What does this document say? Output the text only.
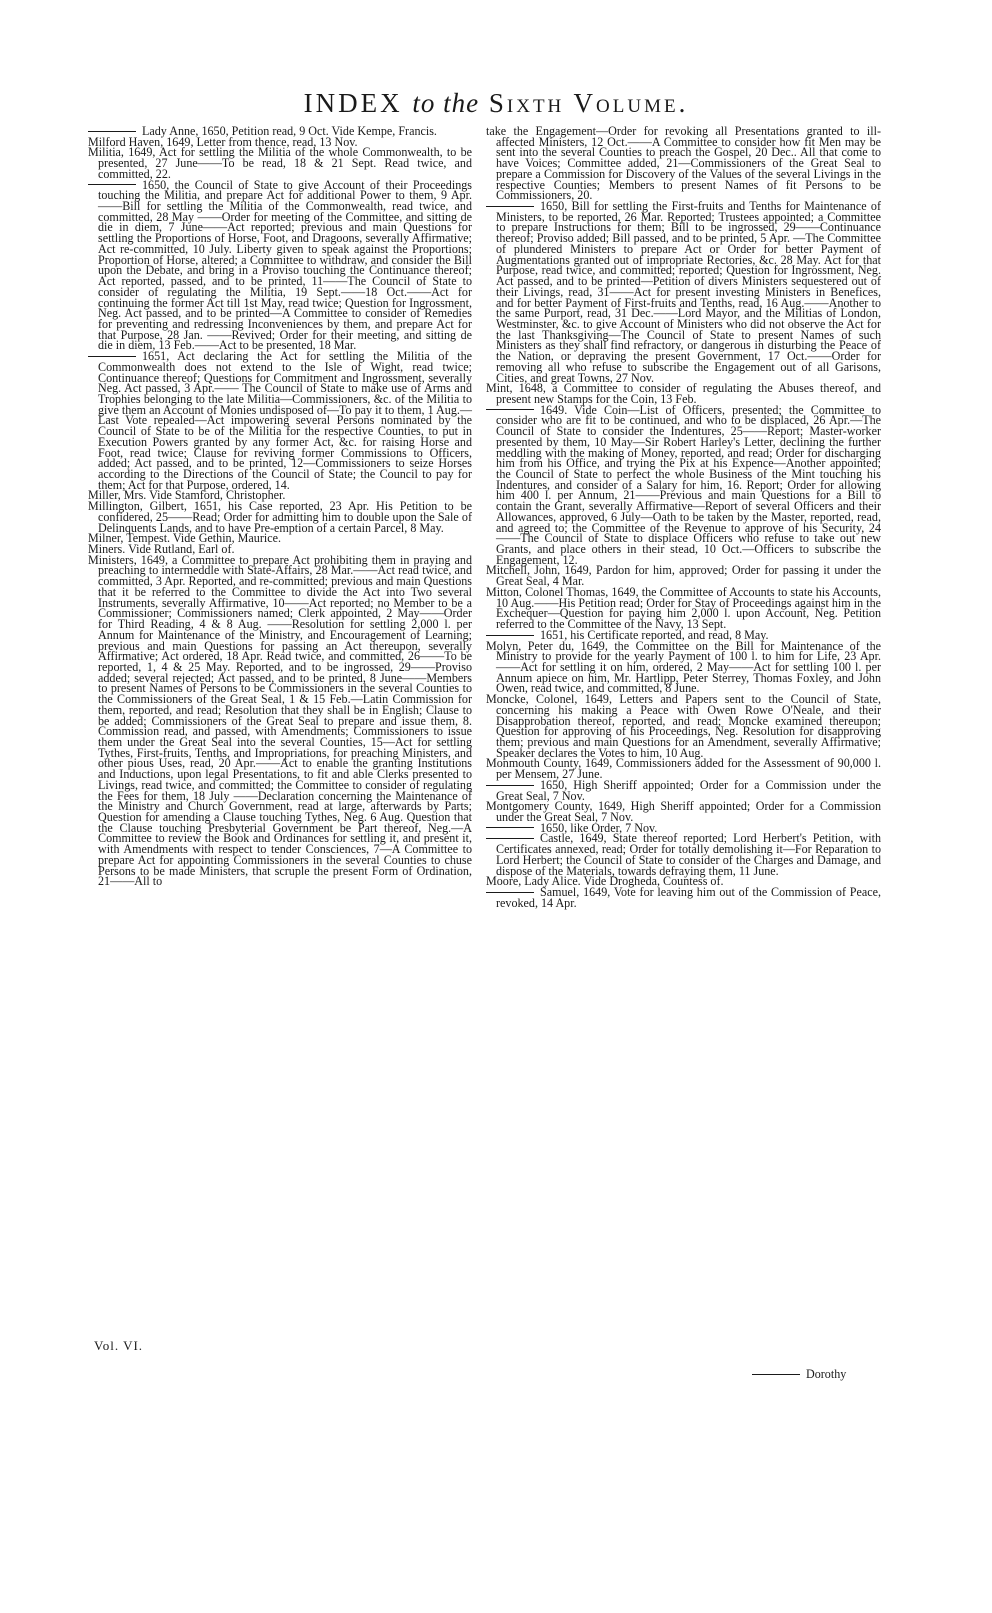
INDEX to the Sixth Volume.

Lady Anne, 1650, Petition read, 9 Oct. Vide Kempe, Francis.

Milford Haven, 1649, Letter from thence, read, 13 Nov.

Militia, 1649, Act for settling the Militia of the whole Commonwealth, to be presented, 27 June——To be read, 18 & 21 Sept. Read twice, and committed, 22.

1650, the Council of State to give Account of their Proceedings touching the Militia, and prepare Act for additional Power to them, 9 Apr.——Bill for settling the Militia of the Commonwealth, read twice, and committed, 28 May ——Order for meeting of the Committee, and sitting de die in diem, 7 June——Act reported; previous and main Questions for settling the Proportions of Horse, Foot, and Dragoons, severally Affirmative; Act re-committed, 10 July. Liberty given to speak against the Proportions; Proportion of Horse, altered; a Committee to withdraw, and consider the Bill upon the Debate, and bring in a Proviso touching the Continuance thereof; Act reported, passed, and to be printed, 11——The Council of State to consider of regulating the Militia, 19 Sept.——18 Oct.——Act for continuing the former Act till 1st May, read twice; Question for Ingrossment, Neg. Act passed, and to be printed—A Committee to consider of Remedies for preventing and redressing Inconveniences by them, and prepare Act for that Purpose, 28 Jan. ——Revived; Order for their meeting, and sitting de die in diem, 13 Feb.——Act to be presented, 18 Mar.

1651, Act declaring the Act for settling the Militia of the Commonwealth does not extend to the Isle of Wight, read twice; Continuance thereof; Questions for Commitment and Ingrossment, severally Neg. Act passed, 3 Apr.—— The Council of State to make use of Arms and Trophies belonging to the late Militia—Commissioners, &c. of the Militia to give them an Account of Monies undisposed of—To pay it to them, 1 Aug.—Last Vote repealed—Act impowering several Persons nominated by the Council of State to be of the Militia for the respective Counties, to put in Execution Powers granted by any former Act, &c. for raising Horse and Foot, read twice; Clause for reviving former Commissions to Officers, added; Act passed, and to be printed, 12—Commissioners to seize Horses according to the Directions of the Council of State; the Council to pay for them; Act for that Purpose, ordered, 14.

Miller, Mrs. Vide Stamford, Christopher.

Millington, Gilbert, 1651, his Case reported, 23 Apr. His Petition to be confidered, 25——Read; Order for admitting him to double upon the Sale of Delinquents Lands, and to have Pre-emption of a certain Parcel, 8 May.

Milner, Tempest. Vide Gethin, Maurice.

Miners. Vide Rutland, Earl of.

Ministers, 1649, a Committee to prepare Act prohibiting them in praying and preaching to intermeddle with State-Affairs, 28 Mar.——Act read twice, and committed, 3 Apr. Reported, and re-committed; previous and main Questions that it be referred to the Committee to divide the Act into Two several Instruments, severally Affirmative, 10——Act reported; no Member to be a Commissioner; Commissioners named; Clerk appointed, 2 May——Order for Third Reading, 4 & 8 Aug. ——Resolution for settling 2,000 l. per Annum for Maintenance of the Ministry, and Encouragement of Learning; previous and main Questions for passing an Act thereupon, severally Affirmative; Act ordered, 18 Apr. Read twice, and committed, 26——To be reported, 1, 4 & 25 May. Reported, and to be ingrossed, 29——Proviso added; several rejected; Act passed, and to be printed, 8 June——Members to present Names of Persons to be Commissioners in the several Counties to the Commissioners of the Great Seal, 1 & 15 Feb.—Latin Commission for them, reported, and read; Resolution that they shall be in English; Clause to be added; Commissioners of the Great Seal to prepare and issue them, 8. Commission read, and passed, with Amendments; Commissioners to issue them under the Great Seal into the several Counties, 15—Act for settling Tythes, First-fruits, Tenths, and Impropriations, for preaching Ministers, and other pious Uses, read, 20 Apr.——Act to enable the granting Institutions and Inductions, upon legal Presentations, to fit and able Clerks presented to Livings, read twice, and committed; the Committee to consider of regulating the Fees for them, 18 July ——Declaration concerning the Maintenance of the Ministry and Church Government, read at large, afterwards by Parts; Question for amending a Clause touching Tythes, Neg. 6 Aug. Question that the Clause touching Presbyterial Government be Part thereof, Neg.—A Committee to review the Book and Ordinances for settling it, and present it, with Amendments with respect to tender Consciences, 7—A Committee to prepare Act for appointing Commissioners in the several Counties to chuse Persons to be made Ministers, that scruple the present Form of Ordination, 21——All to

take the Engagement—Order for revoking all Presentations granted to ill-affected Ministers, 12 Oct.——A Committee to consider how fit Men may be sent into the several Counties to preach the Gospel, 20 Dec.. All that come to have Voices; Committee added, 21—Commissioners of the Great Seal to prepare a Commission for Discovery of the Values of the several Livings in the respective Counties; Members to present Names of fit Persons to be Commissioners, 20.

1650, Bill for settling the First-fruits and Tenths for Maintenance of Ministers, to be reported, 26 Mar. Reported; Trustees appointed; a Committee to prepare Instructions for them; Bill to be ingrossed, 29——Continuance thereof; Proviso added; Bill passed, and to be printed, 5 Apr. —The Committee of plundered Ministers to prepare Act or Order for better Payment of Augmentations granted out of impropriate Rectories, &c. 28 May. Act for that Purpose, read twice, and committed; reported; Question for Ingrossment, Neg. Act passed, and to be printed—Petition of divers Ministers sequestered out of their Livings, read, 31——Act for present investing Ministers in Benefices, and for better Payment of First-fruits and Tenths, read, 16 Aug.——Another to the same Purport, read, 31 Dec.——Lord Mayor, and the Militias of London, Westminster, &c. to give Account of Ministers who did not observe the Act for the last Thanksgiving—The Council of State to present Names of such Ministers as they shall find refractory, or dangerous in disturbing the Peace of the Nation, or depraving the present Government, 17 Oct.——Order for removing all who refuse to subscribe the Engagement out of all Garisons, Cities, and great Towns, 27 Nov.

Mint, 1648, a Committee to consider of regulating the Abuses thereof, and present new Stamps for the Coin, 13 Feb.

1649. Vide Coin—List of Officers, presented; the Committee to consider who are fit to be continued, and who to be displaced, 26 Apr.—The Council of State to consider the Indentures, 25——Report; Master-worker presented by them, 10 May—Sir Robert Harley's Letter, declining the further meddling with the making of Money, reported, and read; Order for discharging him from his Office, and trying the Pix at his Expence—Another appointed; the Council of State to perfect the whole Business of the Mint touching his Indentures, and consider of a Salary for him, 16. Report; Order for allowing him 400 l. per Annum, 21——Previous and main Questions for a Bill to contain the Grant, severally Affirmative—Report of several Officers and their Allowances, approved, 6 July—Oath to be taken by the Master, reported, read, and agreed to; the Committee of the Revenue to approve of his Security, 24——The Council of State to displace Officers who refuse to take out new Grants, and place others in their stead, 10 Oct.—Officers to subscribe the Engagement, 12.

Mitchell, John, 1649, Pardon for him, approved; Order for passing it under the Great Seal, 4 Mar.

Mitton, Colonel Thomas, 1649, the Committee of Accounts to state his Accounts, 10 Aug.——His Petition read; Order for Stay of Proceedings against him in the Exchequer—Question for paying him 2,000 l. upon Account, Neg. Petition referred to the Committee of the Navy, 13 Sept.

1651, his Certificate reported, and read, 8 May.

Molyn, Peter du, 1649, the Committee on the Bill for Maintenance of the Ministry to provide for the yearly Payment of 100 l. to him for Life, 23 Apr.——Act for settling it on him, ordered, 2 May——Act for settling 100 l. per Annum apiece on him, Mr. Hartlipp, Peter Sterrey, Thomas Foxley, and John Owen, read twice, and committed, 8 June.

Moncke, Colonel, 1649, Letters and Papers sent to the Council of State, concerning his making a Peace with Owen Rowe O'Neale, and their Disapprobation thereof, reported, and read; Moncke examined thereupon; Question for approving of his Proceedings, Neg. Resolution for disapproving them; previous and main Questions for an Amendment, severally Affirmative; Speaker declares the Votes to him, 10 Aug.

Monmouth County, 1649, Commissioners added for the Assessment of 90,000 l. per Mensem, 27 June.

1650, High Sheriff appointed; Order for a Commission under the Great Seal, 7 Nov.

Montgomery County, 1649, High Sheriff appointed; Order for a Commission under the Great Seal, 7 Nov.

1650, like Order, 7 Nov.

Castle, 1649, State thereof reported; Lord Herbert's Petition, with Certificates annexed, read; Order for totally demolishing it—For Reparation to Lord Herbert; the Council of State to consider of the Charges and Damage, and dispose of the Materials, towards defraying them, 11 June.

Moore, Lady Alice. Vide Drogheda, Countess of.

Samuel, 1649, Vote for leaving him out of the Commission of Peace, revoked, 14 Apr.

Vol. VI.
Dorothy
